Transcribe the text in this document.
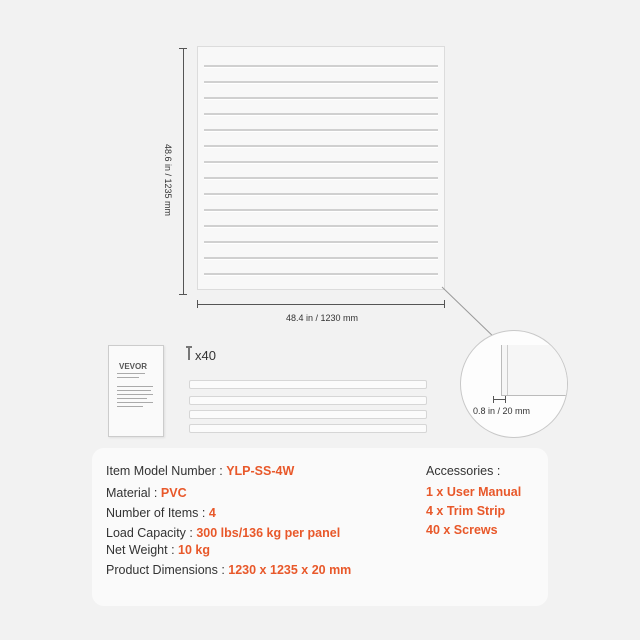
48.6 in / 1235 mm
48.4 in / 1230 mm
VEVOR
x40
0.8 in / 20 mm
Item Model Number : YLP-SS-4W
Material : PVC
Number of Items : 4
Load Capacity : 300 lbs/136 kg per panel
Net Weight : 10 kg
Product Dimensions : 1230 x 1235 x 20 mm
Accessories :
1 x User Manual
4 x Trim Strip
40 x Screws
